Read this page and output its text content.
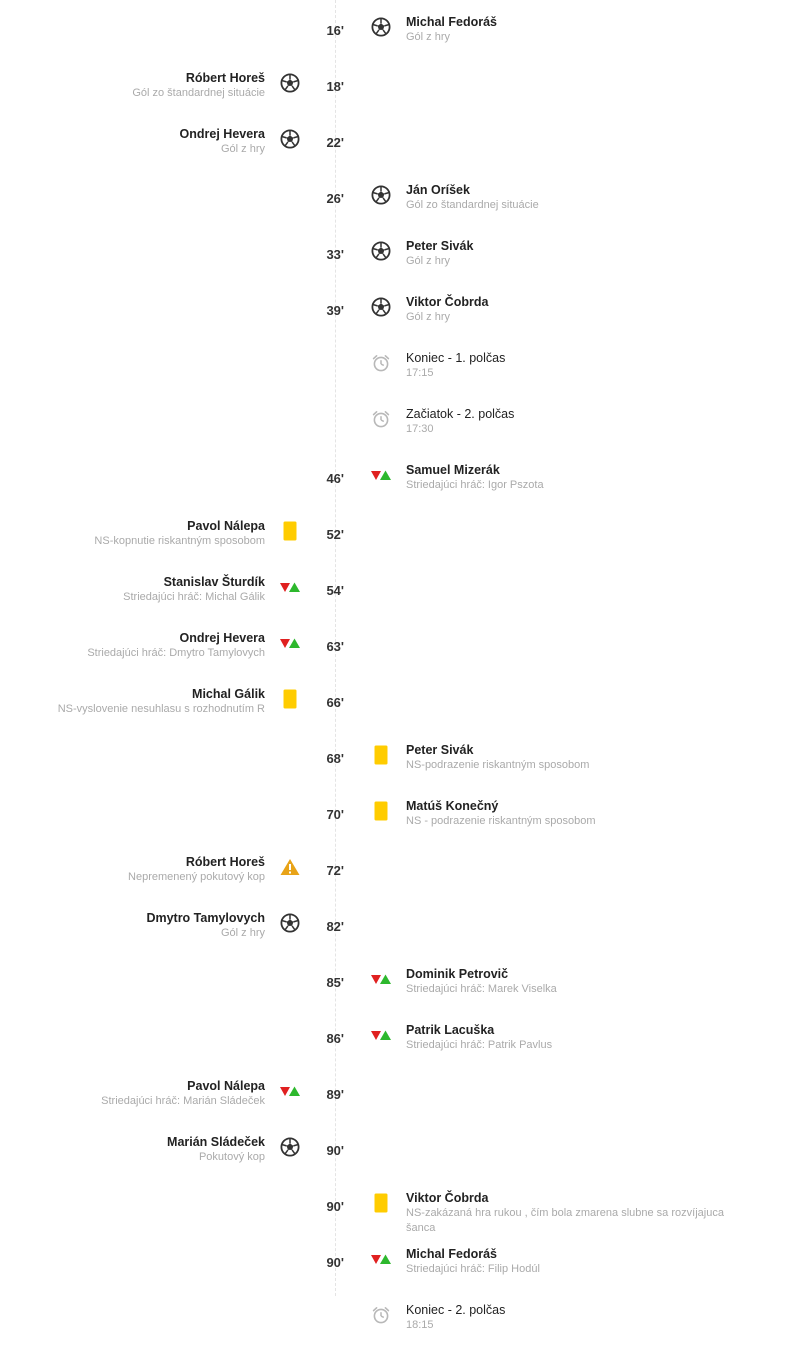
16'
Michal Fedoráš
Gól z hry
18'
Róbert Horeš
Gól zo štandardnej situácie
22'
Ondrej Hevera
Gól z hry
26'
Ján Oríšek
Gól zo štandardnej situácie
33'
Peter Sivák
Gól z hry
39'
Viktor Čobrda
Gól z hry
Koniec - 1. polčas
17:15
Začiatok - 2. polčas
17:30
46'
Samuel Mizerák
Striedajúci hráč: Igor Pszota
52'
Pavol Nálepa
NS-kopnutie riskantným sposobom
54'
Stanislav Šturdík
Striedajúci hráč: Michal Gálik
63'
Ondrej Hevera
Striedajúci hráč: Dmytro Tamylovych
66'
Michal Gálik
NS-vyslovenie nesuhlasu s rozhodnutím R
68'
Peter Sivák
NS-podrazenie riskantným sposobom
70'
Matúš Konečný
NS - podrazenie riskantným sposobom
72'
Róbert Horeš
Nepremenený pokutový kop
82'
Dmytro Tamylovych
Gól z hry
85'
Dominik Petrovič
Striedajúci hráč: Marek Viselka
86'
Patrik Lacuška
Striedajúci hráč: Patrik Pavlus
89'
Pavol Nálepa
Striedajúci hráč: Marián Sládeček
90'
Marián Sládeček
Pokutový kop
90'
Viktor Čobrda
NS-zakázaná hra rukou , čím bola zmarena slubne sa rozvíjajuca šanca
90'
Michal Fedoráš
Striedajúci hráč: Filip Hodúl
Koniec - 2. polčas
18:15
